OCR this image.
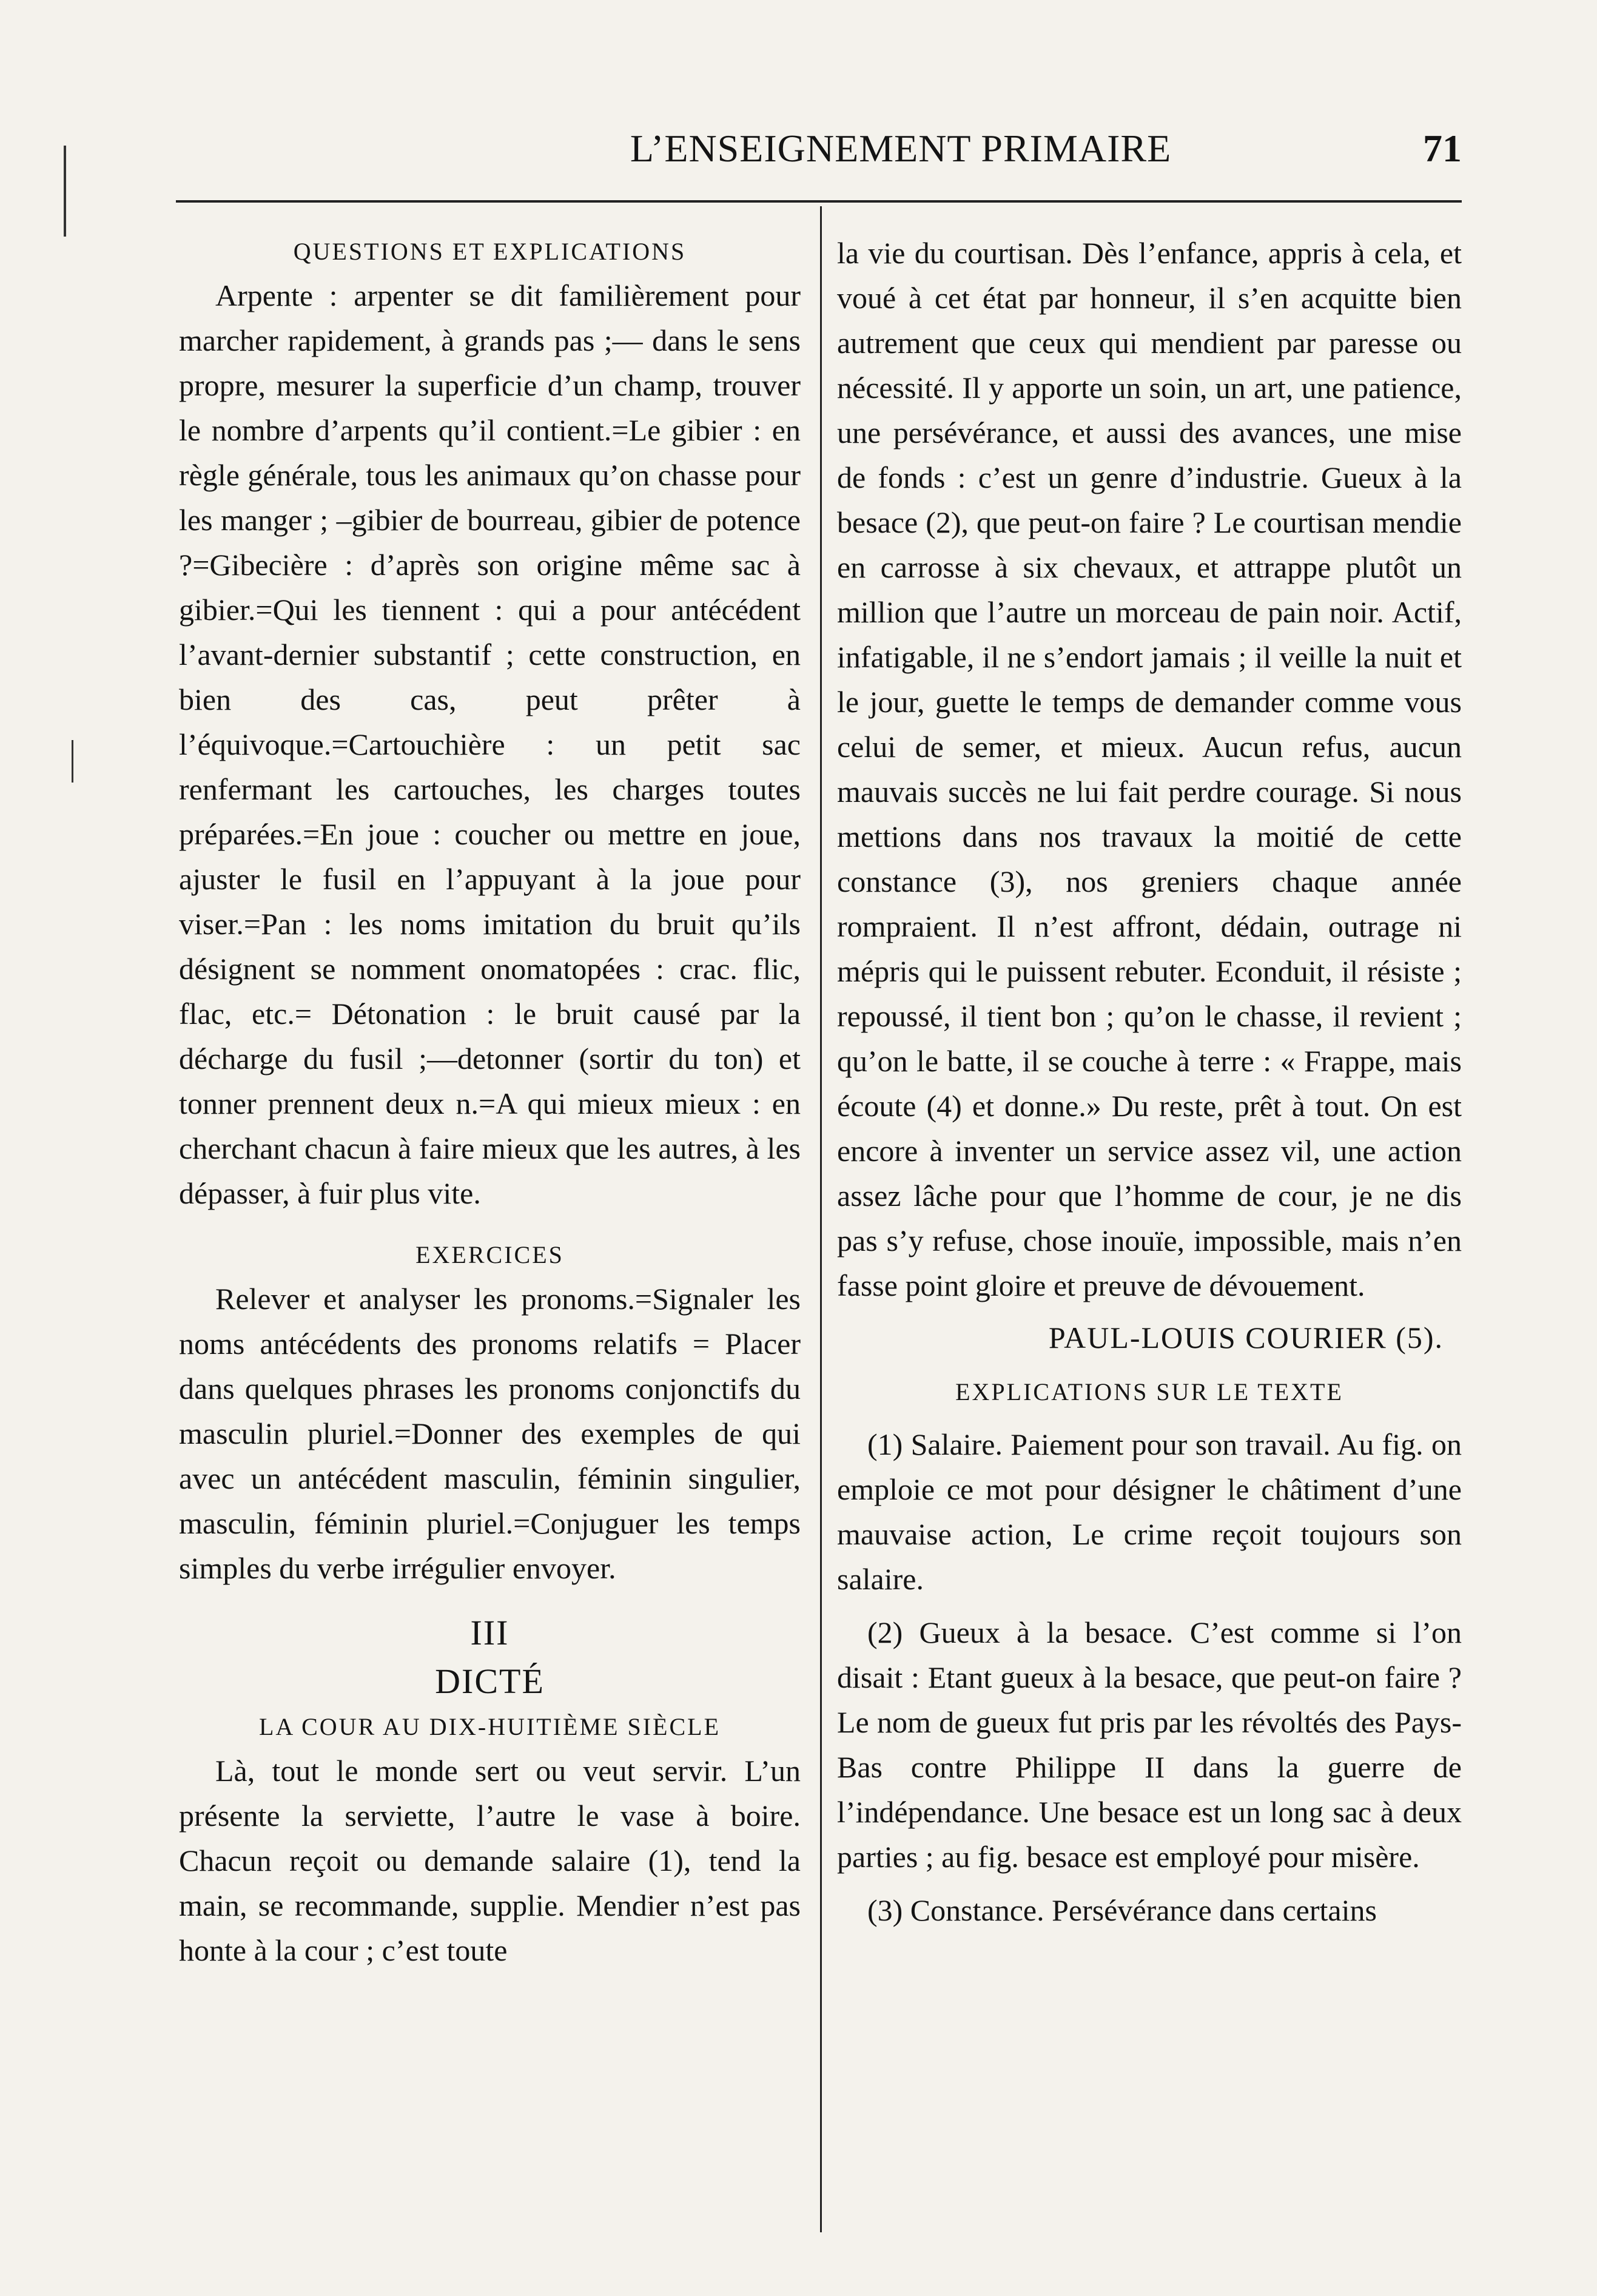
L’ENSEIGNEMENT PRIMAIRE	71
QUESTIONS ET EXPLICATIONS

Arpente : arpenter se dit familièrement pour marcher rapidement, à grands pas ;— dans le sens propre, mesurer la superficie d’un champ, trouver le nombre d’arpents qu’il contient.=Le gibier : en règle générale, tous les animaux qu’on chasse pour les manger ; –gibier de bourreau, gibier de potence ?=Gibecière : d’après son origine même sac à gibier.=Qui les tiennent : qui a pour antécédent l’avant-dernier substantif ; cette construction, en bien des cas, peut prêter à l’équivoque.=Cartouchière : un petit sac renfermant les cartouches, les charges toutes préparées.=En joue : coucher ou mettre en joue, ajuster le fusil en l’appuyant à la joue pour viser.=Pan : les noms imitation du bruit qu’ils désignent se nomment onomatopées : crac. flic, flac, etc.= Détonation : le bruit causé par la décharge du fusil ;—detonner (sortir du ton) et tonner prennent deux n.=A qui mieux mieux : en cherchant chacun à faire mieux que les autres, à les dépasser, à fuir plus vite.

EXERCICES

Relever et analyser les pronoms.=Signaler les noms antécédents des pronoms relatifs = Placer dans quelques phrases les pronoms conjonctifs du masculin pluriel.=Donner des exemples de qui avec un antécédent masculin, féminin singulier, masculin, féminin pluriel.=Conjuguer les temps simples du verbe irrégulier envoyer.

III
DICTÉ
LA COUR AU DIX-HUITIÈME SIÈCLE

Là, tout le monde sert ou veut servir. L’un présente la serviette, l’autre le vase à boire. Chacun reçoit ou demande salaire (1), tend la main, se recommande, supplie. Mendier n’est pas honte à la cour ; c’est toute

la vie du courtisan. Dès l’enfance, appris à cela, et voué à cet état par honneur, il s’en acquitte bien autrement que ceux qui mendient par paresse ou nécessité. Il y apporte un soin, un art, une patience, une persévérance, et aussi des avances, une mise de fonds : c’est un genre d’industrie. Gueux à la besace (2), que peut-on faire ? Le courtisan mendie en carrosse à six chevaux, et attrappe plutôt un million que l’autre un morceau de pain noir. Actif, infatigable, il ne s’endort jamais ; il veille la nuit et le jour, guette le temps de demander comme vous celui de semer, et mieux. Aucun refus, aucun mauvais succès ne lui fait perdre courage. Si nous mettions dans nos travaux la moitié de cette constance (3), nos greniers chaque année rompraient. Il n’est affront, dédain, outrage ni mépris qui le puissent rebuter. Econduit, il résiste ; repoussé, il tient bon ; qu’on le chasse, il revient ; qu’on le batte, il se couche à terre : « Frappe, mais écoute (4) et donne.» Du reste, prêt à tout. On est encore à inventer un service assez vil, une action assez lâche pour que l’homme de cour, je ne dis pas s’y refuse, chose inouïe, impossible, mais n’en fasse point gloire et preuve de dévouement.

PAUL-LOUIS COURIER (5).
EXPLICATIONS SUR LE TEXTE

(1) Salaire. Paiement pour son travail. Au fig. on emploie ce mot pour désigner le châtiment d’une mauvaise action, Le crime reçoit toujours son salaire.

(2) Gueux à la besace. C’est comme si l’on disait : Etant gueux à la besace, que peut-on faire ? Le nom de gueux fut pris par les révoltés des Pays-Bas contre Philippe II dans la guerre de l’indépendance. Une besace est un long sac à deux parties ; au fig. besace est employé pour misère.

(3) Constance. Persévérance dans certains
